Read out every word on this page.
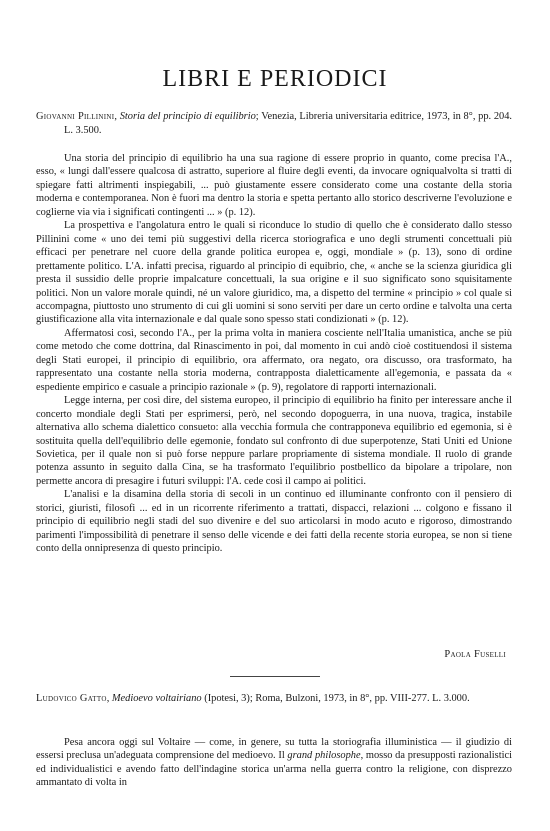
LIBRI E PERIODICI
Giovanni Pillinini, Storia del principio di equilibrio; Venezia, Libreria universitaria editrice, 1973, in 8°, pp. 204. L. 3.500.

Una storia del principio di equilibrio ha una sua ragione di essere proprio in quanto, come precisa l'A., esso, « lungi dall'essere qualcosa di astratto, superiore al fluire degli eventi, da invocare ogniqualvolta si tratti di spiegare fatti altrimenti inspiegabili, ... può giustamente essere considerato come una costante della storia moderna e contemporanea. Non è fuori ma dentro la storia e spetta pertanto allo storico descriverne l'evoluzione e coglierne via via i significati contingenti ... » (p. 12).

La prospettiva e l'angolatura entro le quali si riconduce lo studio di quello che è considerato dallo stesso Pillinini come « uno dei temi più suggestivi della ricerca storiografica e uno degli strumenti concettuali più efficaci per penetrare nel cuore della grande politica europea e, oggi, mondiale » (p. 13), sono di ordine prettamente politico. L'A. infatti precisa, riguardo al principio di equibrio, che, « anche se la scienza giuridica gli presta il sussidio delle proprie impalcature concettuali, la sua origine e il suo significato sono squisitamente politici. Non un valore morale quindi, né un valore giuridico, ma, a dispetto del termine « principio » col quale si accompagna, piuttosto uno strumento di cui gli uomini si sono serviti per dare un certo ordine e talvolta una certa giustificazione alla vita internazionale e dal quale sono spesso stati condizionati » (p. 12).

Affermatosi così, secondo l'A., per la prima volta in maniera cosciente nell'Italia umanistica, anche se più come metodo che come dottrina, dal Rinascimento in poi, dal momento in cui andò cioè costituendosi il sistema degli Stati europei, il principio di equilibrio, ora affermato, ora negato, ora discusso, ora trasformato, ha rappresentato una costante nella storia moderna, contrapposta dialetticamente all'egemonia, e passata da « espediente empirico e casuale a principio razionale » (p. 9), regolatore di rapporti internazionali.

Legge interna, per così dire, del sistema europeo, il principio di equilibrio ha finito per interessare anche il concerto mondiale degli Stati per esprimersi, però, nel secondo dopoguerra, in una nuova, tragica, instabile alternativa allo schema dialettico consueto: alla vecchia formula che contrapponeva equilibrio ed egemonia, si è sostituita quella dell'equilibrio delle egemonie, fondato sul confronto di due superpotenze, Stati Uniti ed Unione Sovietica, per il quale non si può forse neppure parlare propriamente di sistema mondiale. Il ruolo di grande potenza assunto in seguito dalla Cina, se ha trasformato l'equilibrio postbellico da bipolare a tripolare, non permette ancora di presagire i futuri sviluppi: l'A. cede così il campo ai politici.

L'analisi e la disamina della storia di secoli in un continuo ed illuminante confronto con il pensiero di storici, giuristi, filosofi ... ed in un ricorrente riferimento a trattati, dispacci, relazioni ... colgono e fissano il principio di equilibrio negli stadi del suo divenire e del suo articolarsi in modo acuto e rigoroso, dimostrando parimenti l'impossibilità di penetrare il senso delle vicende e dei fatti della recente storia europea, se non si tiene conto della onnipresenza di questo principio.

Paola Fuselli
Ludovico Gatto, Medioevo voltairiano (Ipotesi, 3); Roma, Bulzoni, 1973, in 8°, pp. VIII-277. L. 3.000.

Pesa ancora oggi sul Voltaire — come, in genere, su tutta la storiografia illuministica — il giudizio di essersi preclusa un'adeguata comprensione del medioevo. Il grand philosophe, mosso da presupposti razionalistici ed individualistici e avendo fatto dell'indagine storica un'arma nella guerra contro la religione, con disprezzo ammantato di volta in
